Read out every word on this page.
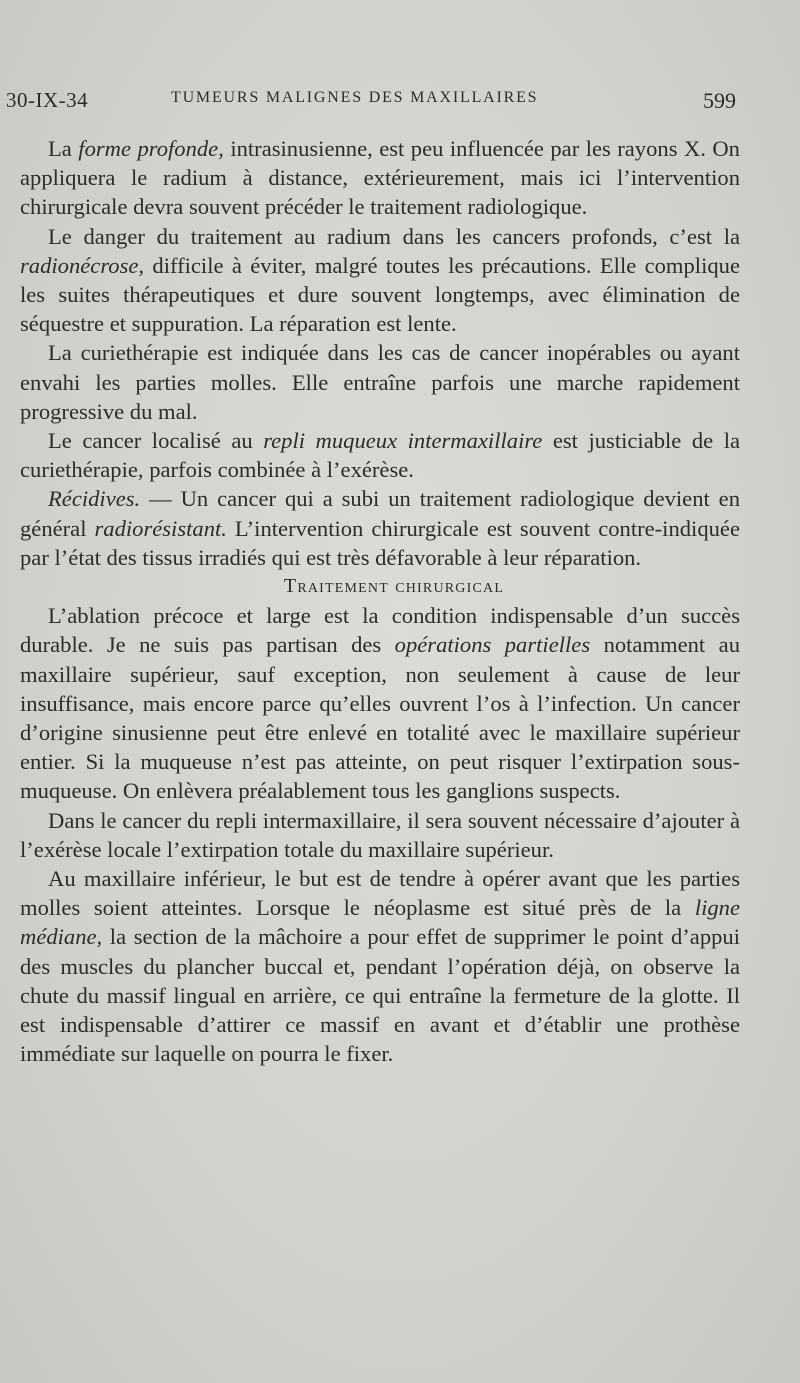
30-IX-34	TUMEURS MALIGNES DES MAXILLAIRES	599

La forme profonde, intrasinusienne, est peu influencée par les rayons X. On appliquera le radium à distance, extérieurement, mais ici l’intervention chirurgicale devra souvent précéder le traitement radiologique.

Le danger du traitement au radium dans les cancers profonds, c’est la radionécrose, difficile à éviter, malgré toutes les précautions. Elle complique les suites thérapeutiques et dure souvent longtemps, avec élimination de séquestre et suppuration. La réparation est lente.

La curiethérapie est indiquée dans les cas de cancer inopérables ou ayant envahi les parties molles. Elle entraîne parfois une marche rapidement progressive du mal.

Le cancer localisé au repli muqueux intermaxillaire est justiciable de la curiethérapie, parfois combinée à l’exérèse.

Récidives. — Un cancer qui a subi un traitement radiologique devient en général radiorésistant. L’intervention chirurgicale est souvent contre-indiquée par l’état des tissus irradiés qui est très défavorable à leur réparation.

Traitement chirurgical

L’ablation précoce et large est la condition indispensable d’un succès durable. Je ne suis pas partisan des opérations partielles notamment au maxillaire supérieur, sauf exception, non seulement à cause de leur insuffisance, mais encore parce qu’elles ouvrent l’os à l’infection. Un cancer d’origine sinusienne peut être enlevé en totalité avec le maxillaire supérieur entier. Si la muqueuse n’est pas atteinte, on peut risquer l’extirpation sous-muqueuse. On enlèvera préalablement tous les ganglions suspects.

Dans le cancer du repli intermaxillaire, il sera souvent nécessaire d’ajouter à l’exérèse locale l’extirpation totale du maxillaire supérieur.

Au maxillaire inférieur, le but est de tendre à opérer avant que les parties molles soient atteintes. Lorsque le néoplasme est situé près de la ligne médiane, la section de la mâchoire a pour effet de supprimer le point d’appui des muscles du plancher buccal et, pendant l’opération déjà, on observe la chute du massif lingual en arrière, ce qui entraîne la fermeture de la glotte. Il est indispensable d’attirer ce massif en avant et d’établir une prothèse immédiate sur laquelle on pourra le fixer.
